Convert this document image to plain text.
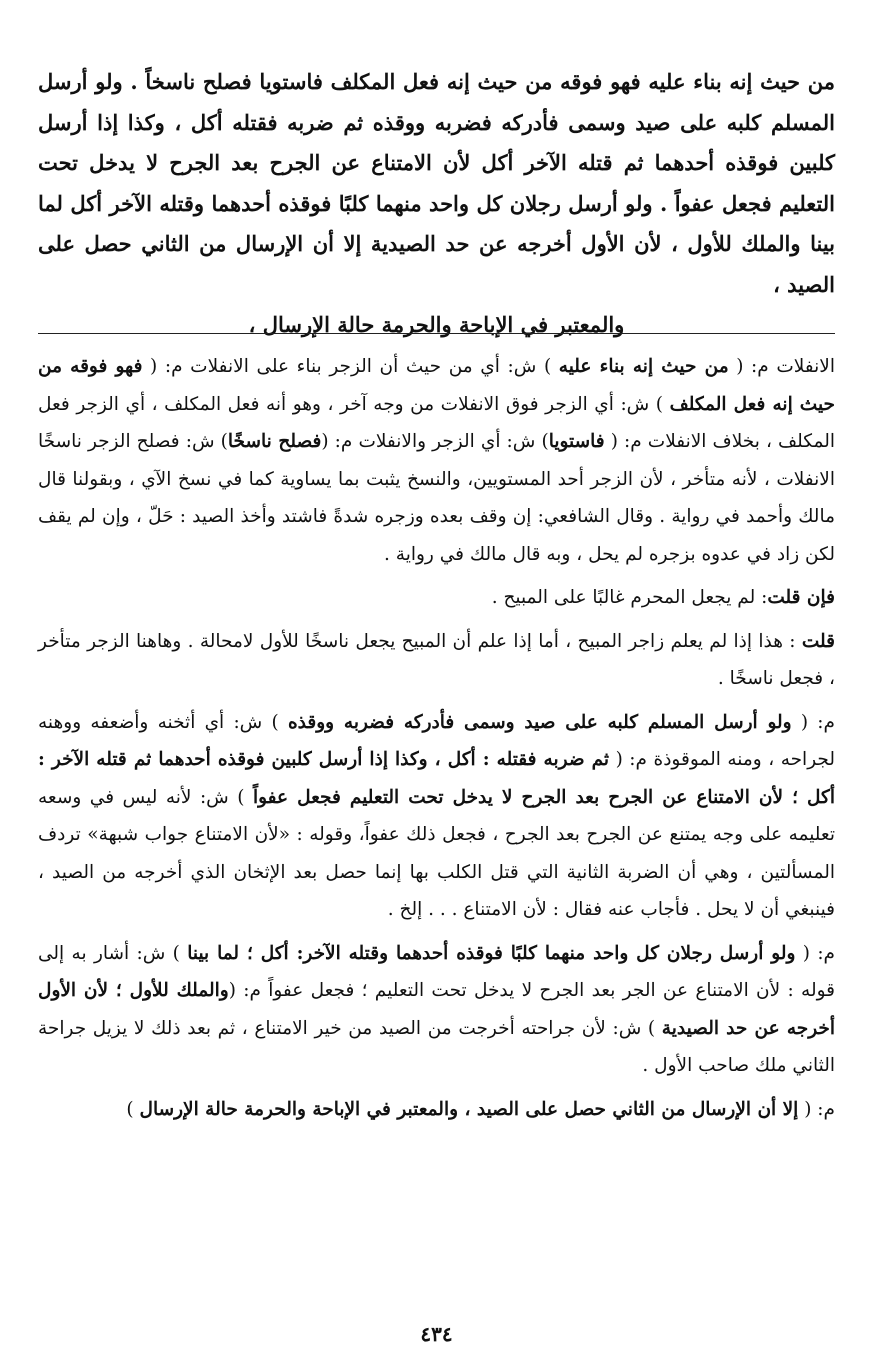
من حيث إنه بناء عليه فهو فوقه من حيث إنه فعل المكلف فاستويا فصلح ناسخاً . ولو أرسل المسلم كلبه على صيد وسمى فأدركه فضربه ووقذه ثم ضربه فقتله أكل ، وكذا إذا أرسل كلبين فوقذه أحدهما ثم قتله الآخر أكل لأن الامتناع عن الجرح بعد الجرح لا يدخل تحت التعليم فجعل عفواً . ولو أرسل رجلان كل واحد منهما كلبًا فوقذه أحدهما وقتله الآخر أكل لما بينا والملك للأول ، لأن الأول أخرجه عن حد الصيدية إلا أن الإرسال من الثاني حصل على الصيد ،
والمعتبر في الإباحة والحرمة حالة الإرسال ،

الانفلات م: ( من حيث إنه بناء عليه ) ش: أي من حيث أن الزجر بناء على الانفلات م: ( فهو فوقه من حيث إنه فعل المكلف ) ش: أي الزجر فوق الانفلات من وجه آخر ، وهو أنه فعل المكلف ، أي الزجر فعل المكلف ، بخلاف الانفلات م: ( فاستويا) ش: أي الزجر والانفلات م: (فصلح ناسخًا) ش: فصلح الزجر ناسخًا الانفلات ، لأنه متأخر ، لأن الزجر أحد المستويين، والنسخ يثبت بما يساوية كما في نسخ الآي ، وبقولنا قال مالك وأحمد في رواية . وقال الشافعي: إن وقف بعده وزجره شدةً فاشتد وأخذ الصيد : حَلّ ، وإن لم يقف لكن زاد في عدوه بزجره لم يحل ، وبه قال مالك في رواية .

فإن قلت: لم يجعل المحرم غالبًا على المبيح .

قلت : هذا إذا لم يعلم زاجر المبيح ، أما إذا علم أن المبيح يجعل ناسخًا للأول لامحالة . وهاهنا الزجر متأخر ، فجعل ناسخًا .

م: ( ولو أرسل المسلم كلبه على صيد وسمى فأدركه فضربه ووقذه ) ش: أي أثخنه وأضعفه ووهنه لجراحه ، ومنه الموقوذة م: ( ثم ضربه فقتله : أكل ، وكذا إذا أرسل كلبين فوقذه أحدهما ثم قتله الآخر : أكل ؛ لأن الامتناع عن الجرح بعد الجرح لا يدخل تحت التعليم فجعل عفواً ) ش: لأنه ليس في وسعه تعليمه على وجه يمتنع عن الجرح بعد الجرح ، فجعل ذلك عفواً، وقوله : «لأن الامتناع جواب شبهة» تردف المسألتين ، وهي أن الضربة الثانية التي قتل الكلب بها إنما حصل بعد الإثخان الذي أخرجه من الصيد ، فينبغي أن لا يحل . فأجاب عنه فقال : لأن الامتناع . . . إلخ .

م: ( ولو أرسل رجلان كل واحد منهما كلبًا فوقذه أحدهما وقتله الآخر: أكل ؛ لما بينا ) ش: أشار به إلى قوله : لأن الامتناع عن الجر بعد الجرح لا يدخل تحت التعليم ؛ فجعل عفواً م: (والملك للأول ؛ لأن الأول أخرجه عن حد الصيدية ) ش: لأن جراحته أخرجت من الصيد من خير الامتناع ، ثم بعد ذلك لا يزيل جراحة الثاني ملك صاحب الأول .

م: ( إلا أن الإرسال من الثاني حصل على الصيد ، والمعتبر في الإباحة والحرمة حالة الإرسال )

٤٣٤
